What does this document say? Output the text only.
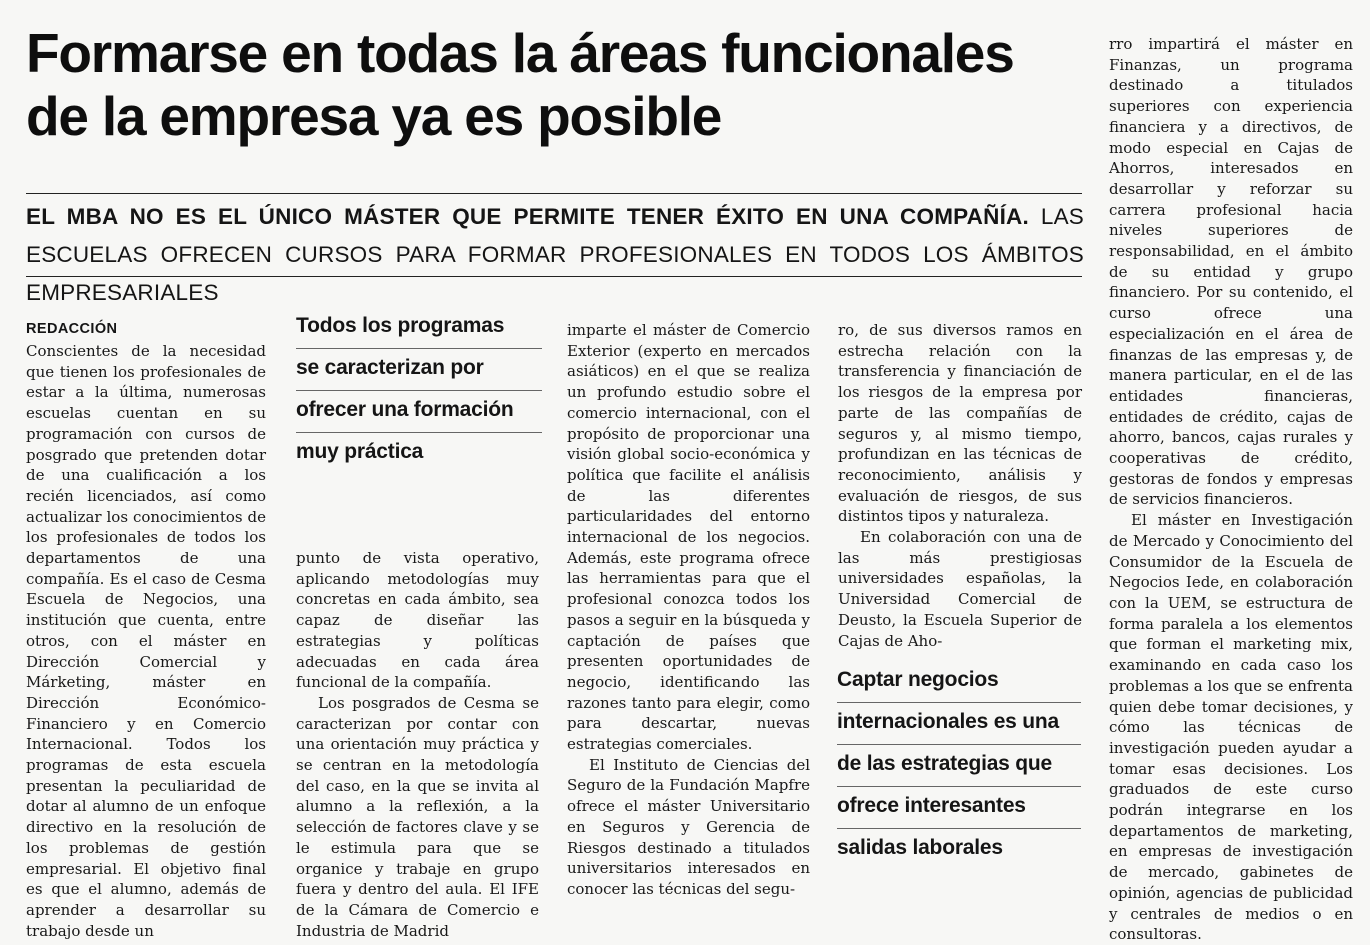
Formarse en todas la áreas funcionales
de la empresa ya es posible
EL MBA NO ES EL ÚNICO MÁSTER QUE PERMITE TENER ÉXITO EN UNA COMPAÑÍA. LAS ESCUELAS OFRECEN CURSOS PARA FORMAR PROFESIONALES EN TODOS LOS ÁMBITOS EMPRESARIALES
REDACCIÓN

Conscientes de la necesidad que tienen los profesionales de estar a la última, numerosas escuelas cuentan en su programación con cursos de posgrado que pretenden dotar de una cualificación a los recién licenciados, así como actualizar los conocimientos de los profesionales de todos los departamentos de una compañía. Es el caso de Cesma Escuela de Negocios, una institución que cuenta, entre otros, con el máster en Dirección Comercial y Márketing, máster en Dirección Económico-Financiero y en Comercio Internacional. Todos los programas de esta escuela presentan la peculiaridad de dotar al alumno de un enfoque directivo en la resolución de los problemas de gestión empresarial. El objetivo final es que el alumno, además de aprender a desarrollar su trabajo desde un

Todos los programas
se caracterizan por
ofrecer una formación
muy práctica

punto de vista operativo, aplicando metodologías muy concretas en cada ámbito, sea capaz de diseñar las estrategias y políticas adecuadas en cada área funcional de la compañía.

Los posgrados de Cesma se caracterizan por contar con una orientación muy práctica y se centran en la metodología del caso, en la que se invita al alumno a la reflexión, a la selección de factores clave y se le estimula para que se organice y trabaje en grupo fuera y dentro del aula. El IFE de la Cámara de Comercio e Industria de Madrid

imparte el máster de Comercio Exterior (experto en mercados asiáticos) en el que se realiza un profundo estudio sobre el comercio internacional, con el propósito de proporcionar una visión global socio-económica y política que facilite el análisis de las diferentes particularidades del entorno internacional de los negocios. Además, este programa ofrece las herramientas para que el profesional conozca todos los pasos a seguir en la búsqueda y captación de países que presenten oportunidades de negocio, identificando las razones tanto para elegir, como para descartar, nuevas estrategias comerciales.

El Instituto de Ciencias del Seguro de la Fundación Mapfre ofrece el máster Universitario en Seguros y Gerencia de Riesgos destinado a titulados universitarios interesados en conocer las técnicas del segu-

ro, de sus diversos ramos en estrecha relación con la transferencia y financiación de los riesgos de la empresa por parte de las compañías de seguros y, al mismo tiempo, profundizan en las técnicas de reconocimiento, análisis y evaluación de riesgos, de sus distintos tipos y naturaleza.

En colaboración con una de las más prestigiosas universidades españolas, la Universidad Comercial de Deusto, la Escuela Superior de Cajas de Aho-

Captar negocios
internacionales es una
de las estrategias que
ofrece interesantes
salidas laborales

rro impartirá el máster en Finanzas, un programa destinado a titulados superiores con experiencia financiera y a directivos, de modo especial en Cajas de Ahorros, interesados en desarrollar y reforzar su carrera profesional hacia niveles superiores de responsabilidad, en el ámbito de su entidad y grupo financiero. Por su contenido, el curso ofrece una especialización en el área de finanzas de las empresas y, de manera particular, en el de las entidades financieras, entidades de crédito, cajas de ahorro, bancos, cajas rurales y cooperativas de crédito, gestoras de fondos y empresas de servicios financieros.

El máster en Investigación de Mercado y Conocimiento del Consumidor de la Escuela de Negocios Iede, en colaboración con la UEM, se estructura de forma paralela a los elementos que forman el marketing mix, examinando en cada caso los problemas a los que se enfrenta quien debe tomar decisiones, y cómo las técnicas de investigación pueden ayudar a tomar esas decisiones. Los graduados de este curso podrán integrarse en los departamentos de marketing, en empresas de investigación de mercado, gabinetes de opinión, agencias de publicidad y centrales de medios o en consultoras.
